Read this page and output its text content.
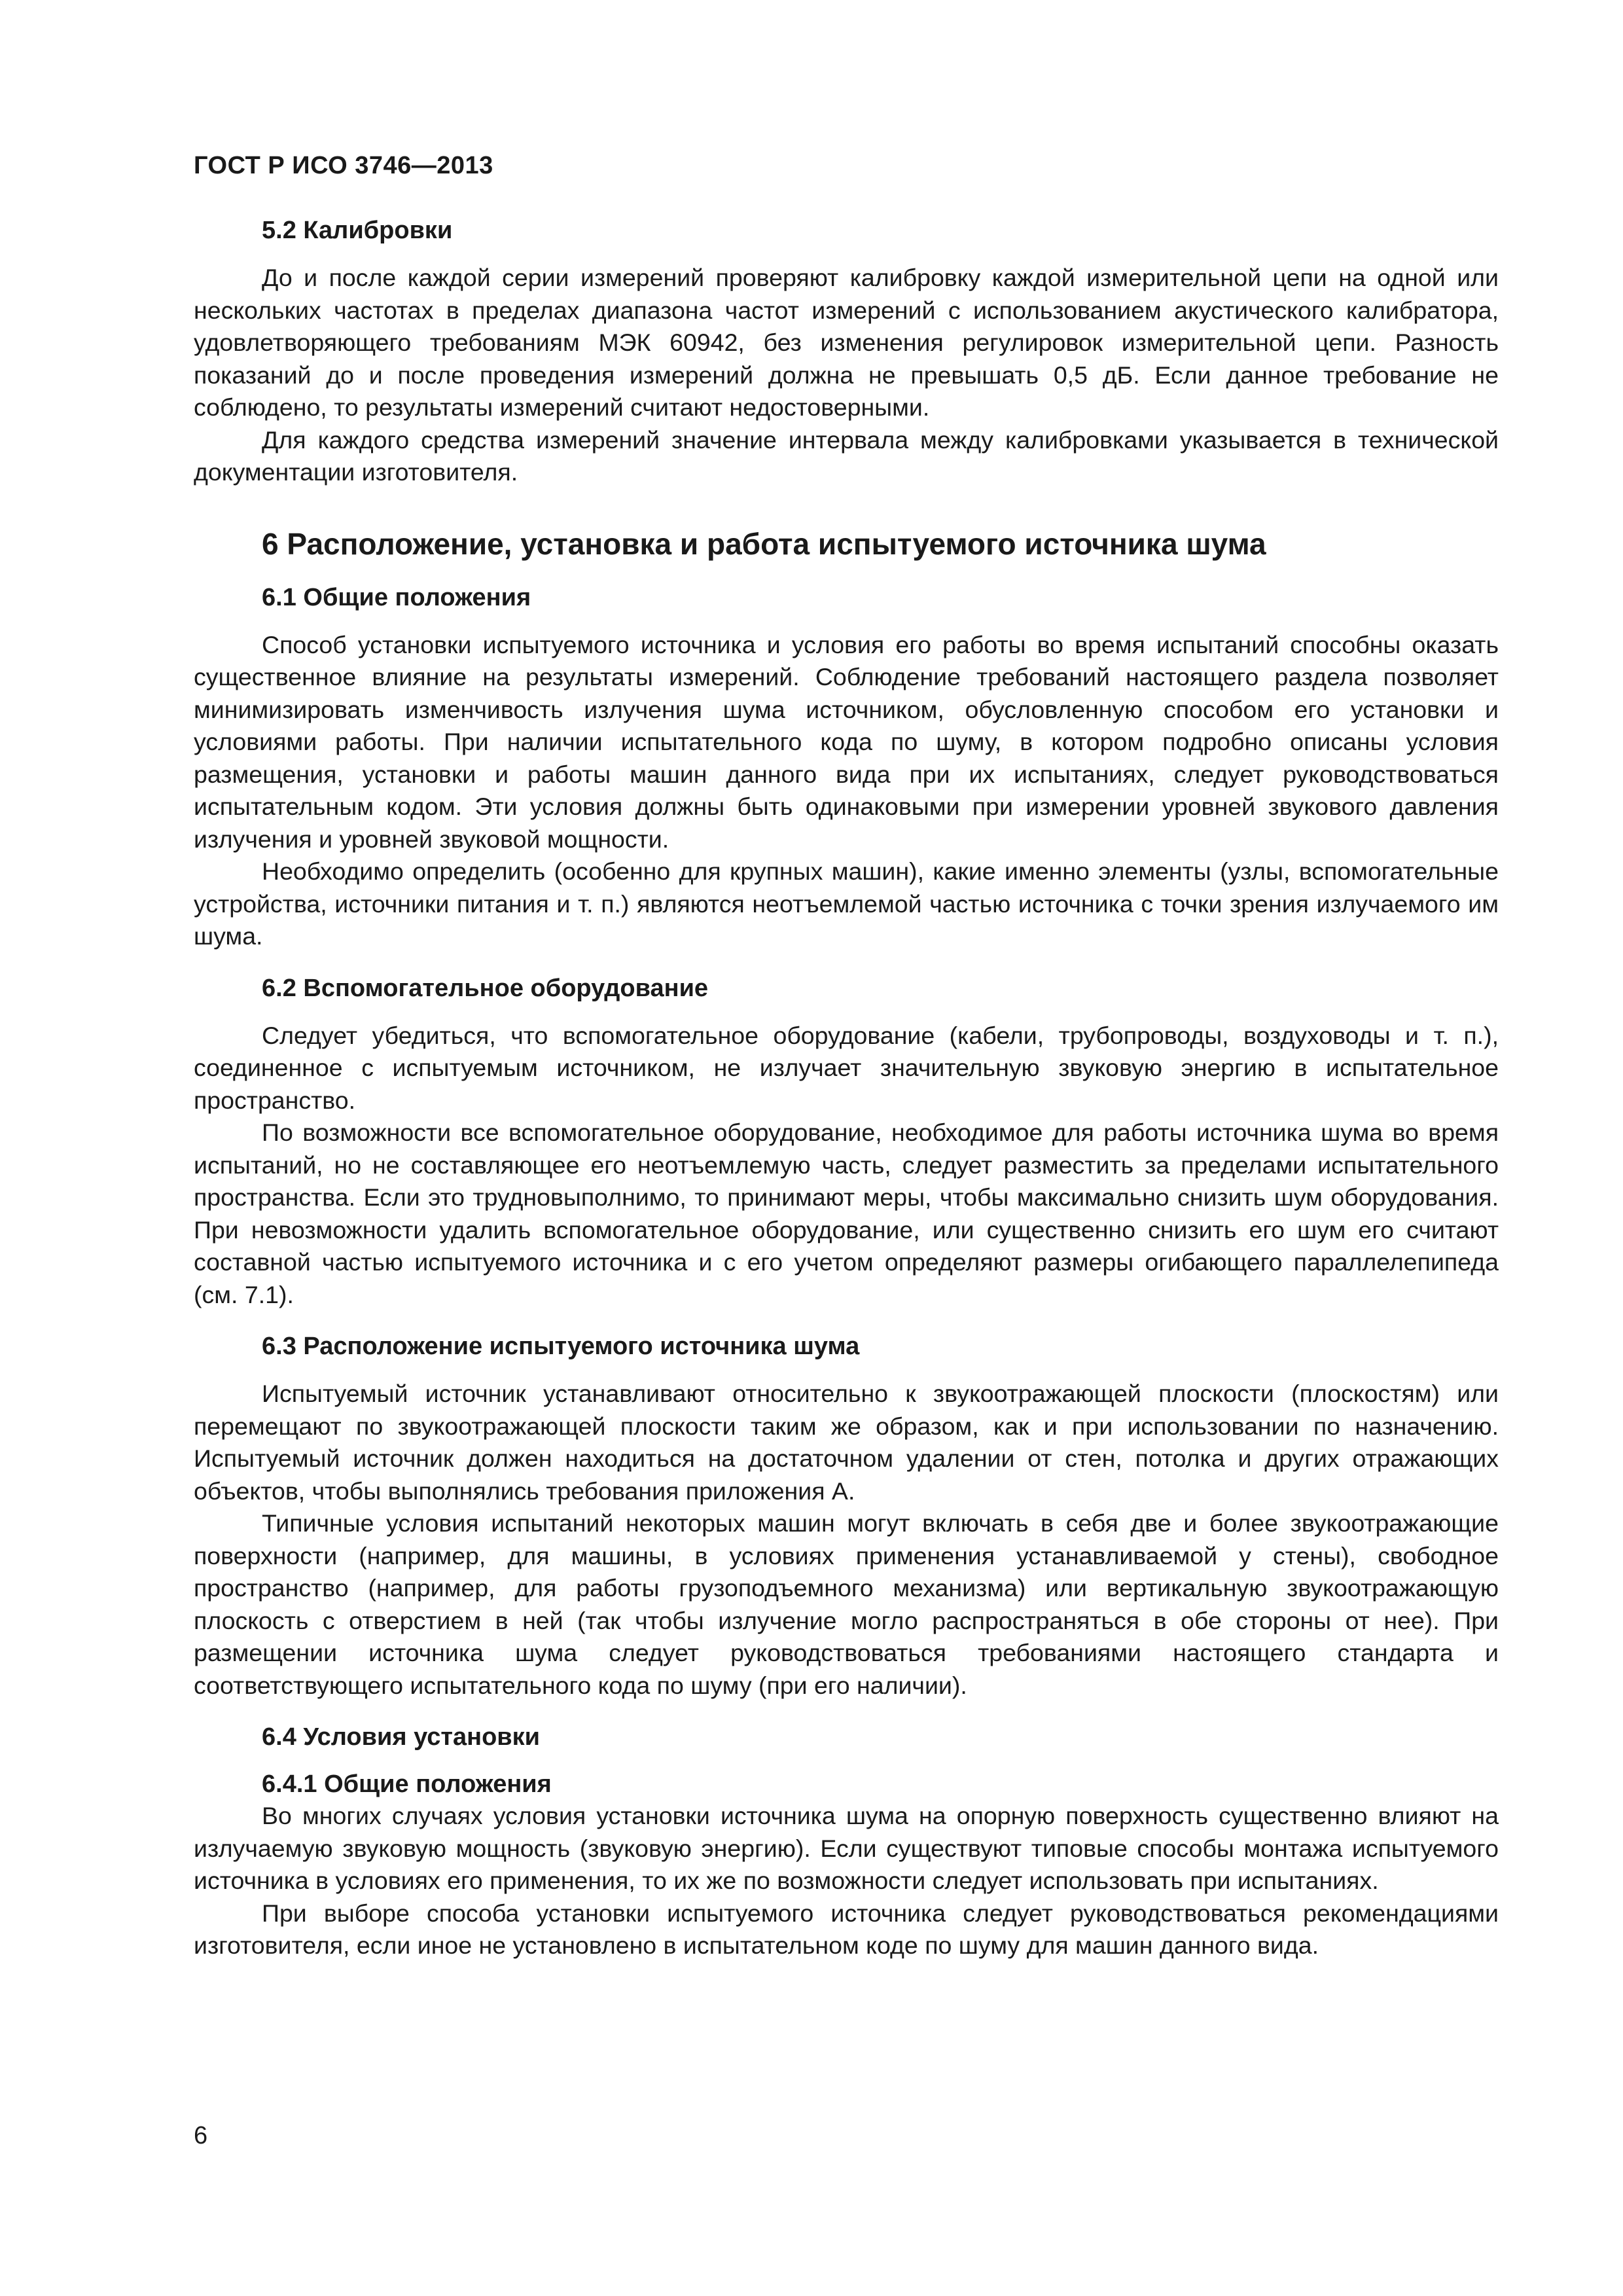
ГОСТ Р ИСО 3746—2013
5.2 Калибровки

До и после каждой серии измерений проверяют калибровку каждой измерительной цепи на одной или нескольких частотах в пределах диапазона частот измерений с использованием акустического калибратора, удовлетворяющего требованиям МЭК 60942, без изменения регулировок измерительной цепи. Разность показаний до и после проведения измерений должна не превышать 0,5 дБ. Если данное требование не соблюдено, то результаты измерений считают недостоверными.

Для каждого средства измерений значение интервала между калибровками указывается в технической документации изготовителя.

6 Расположение, установка и работа испытуемого источника шума
6.1 Общие положения

Способ установки испытуемого источника и условия его работы во время испытаний способны оказать существенное влияние на результаты измерений. Соблюдение требований настоящего раздела позволяет минимизировать изменчивость излучения шума источником, обусловленную способом его установки и условиями работы. При наличии испытательного кода по шуму, в котором подробно описаны условия размещения, установки и работы машин данного вида при их испытаниях, следует руководствоваться испытательным кодом. Эти условия должны быть одинаковыми при измерении уровней звукового давления излучения и уровней звуковой мощности.

Необходимо определить (особенно для крупных машин), какие именно элементы (узлы, вспомогательные устройства, источники питания и т. п.) являются неотъемлемой частью источника с точки зрения излучаемого им шума.

6.2 Вспомогательное оборудование

Следует убедиться, что вспомогательное оборудование (кабели, трубопроводы, воздуховоды и т. п.), соединенное с испытуемым источником, не излучает значительную звуковую энергию в испытательное пространство.

По возможности все вспомогательное оборудование, необходимое для работы источника шума во время испытаний, но не составляющее его неотъемлемую часть, следует разместить за пределами испытательного пространства. Если это трудновыполнимо, то принимают меры, чтобы максимально снизить шум оборудования. При невозможности удалить вспомогательное оборудование, или существенно снизить его шум его считают составной частью испытуемого источника и с его учетом определяют размеры огибающего параллелепипеда (см. 7.1).

6.3 Расположение испытуемого источника шума

Испытуемый источник устанавливают относительно к звукоотражающей плоскости (плоскостям) или перемещают по звукоотражающей плоскости таким же образом, как и при использовании по назначению. Испытуемый источник должен находиться на достаточном удалении от стен, потолка и других отражающих объектов, чтобы выполнялись требования приложения А.

Типичные условия испытаний некоторых машин могут включать в себя две и более звукоотражающие поверхности (например, для машины, в условиях применения устанавливаемой у стены), свободное пространство (например, для работы грузоподъемного механизма) или вертикальную звукоотражающую плоскость с отверстием в ней (так чтобы излучение могло распространяться в обе стороны от нее). При размещении источника шума следует руководствоваться требованиями настоящего стандарта и соответствующего испытательного кода по шуму (при его наличии).

6.4 Условия установки
6.4.1 Общие положения

Во многих случаях условия установки источника шума на опорную поверхность существенно влияют на излучаемую звуковую мощность (звуковую энергию). Если существуют типовые способы монтажа испытуемого источника в условиях его применения, то их же по возможности следует использовать при испытаниях.

При выборе способа установки испытуемого источника следует руководствоваться рекомендациями изготовителя, если иное не установлено в испытательном коде по шуму для машин данного вида.

6
